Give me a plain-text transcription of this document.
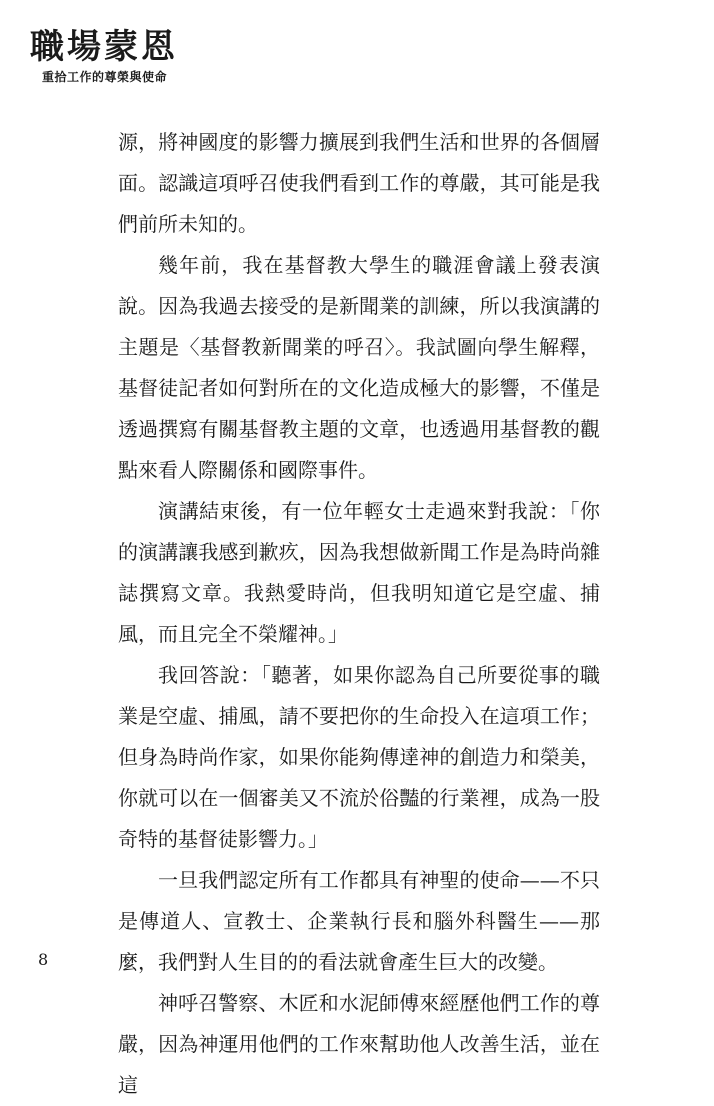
職場蒙恩
重拾工作的尊榮與使命

源，將神國度的影響力擴展到我們生活和世界的各個層面。認識這項呼召使我們看到工作的尊嚴，其可能是我們前所未知的。

幾年前，我在基督教大學生的職涯會議上發表演說。因為我過去接受的是新聞業的訓練，所以我演講的主題是〈基督教新聞業的呼召〉。我試圖向學生解釋，基督徒記者如何對所在的文化造成極大的影響，不僅是透過撰寫有關基督教主題的文章，也透過用基督教的觀點來看人際關係和國際事件。

演講結束後，有一位年輕女士走過來對我說：「你的演講讓我感到歉疚，因為我想做新聞工作是為時尚雜誌撰寫文章。我熱愛時尚，但我明知道它是空虛、捕風，而且完全不榮耀神。」

我回答說：「聽著，如果你認為自己所要從事的職業是空虛、捕風，請不要把你的生命投入在這項工作；但身為時尚作家，如果你能夠傳達神的創造力和榮美，你就可以在一個審美又不流於俗豔的行業裡，成為一股奇特的基督徒影響力。」

一旦我們認定所有工作都具有神聖的使命——不只是傳道人、宣教士、企業執行長和腦外科醫生——那麼，我們對人生目的的看法就會產生巨大的改變。

神呼召警察、木匠和水泥師傅來經歷他們工作的尊嚴，因為神運用他們的工作來幫助他人改善生活，並在這

8
